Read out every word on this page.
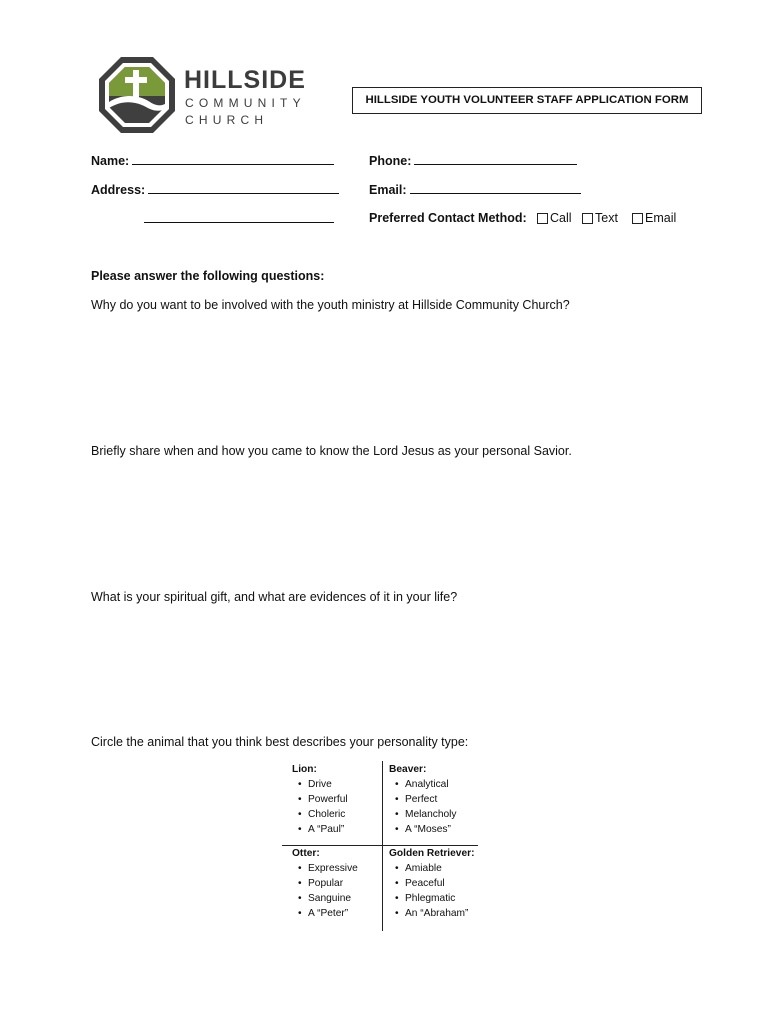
HILLSIDE
COMMUNITY
CHURCH
HILLSIDE YOUTH VOLUNTEER STAFF APPLICATION FORM
Name:
Address:
Phone:
Email:
Preferred Contact Method: Call Text Email
Please answer the following questions:
Why do you want to be involved with the youth ministry at Hillside Community Church?
Briefly share when and how you came to know the Lord Jesus as your personal Savior.
What is your spiritual gift, and what are evidences of it in your life?
Circle the animal that you think best describes your personality type:
Lion:
• Drive
• Powerful
• Choleric
• A “Paul”
Beaver:
• Analytical
• Perfect
• Melancholy
• A “Moses”
Otter:
• Expressive
• Popular
• Sanguine
• A “Peter”
Golden Retriever:
• Amiable
• Peaceful
• Phlegmatic
• An “Abraham”
